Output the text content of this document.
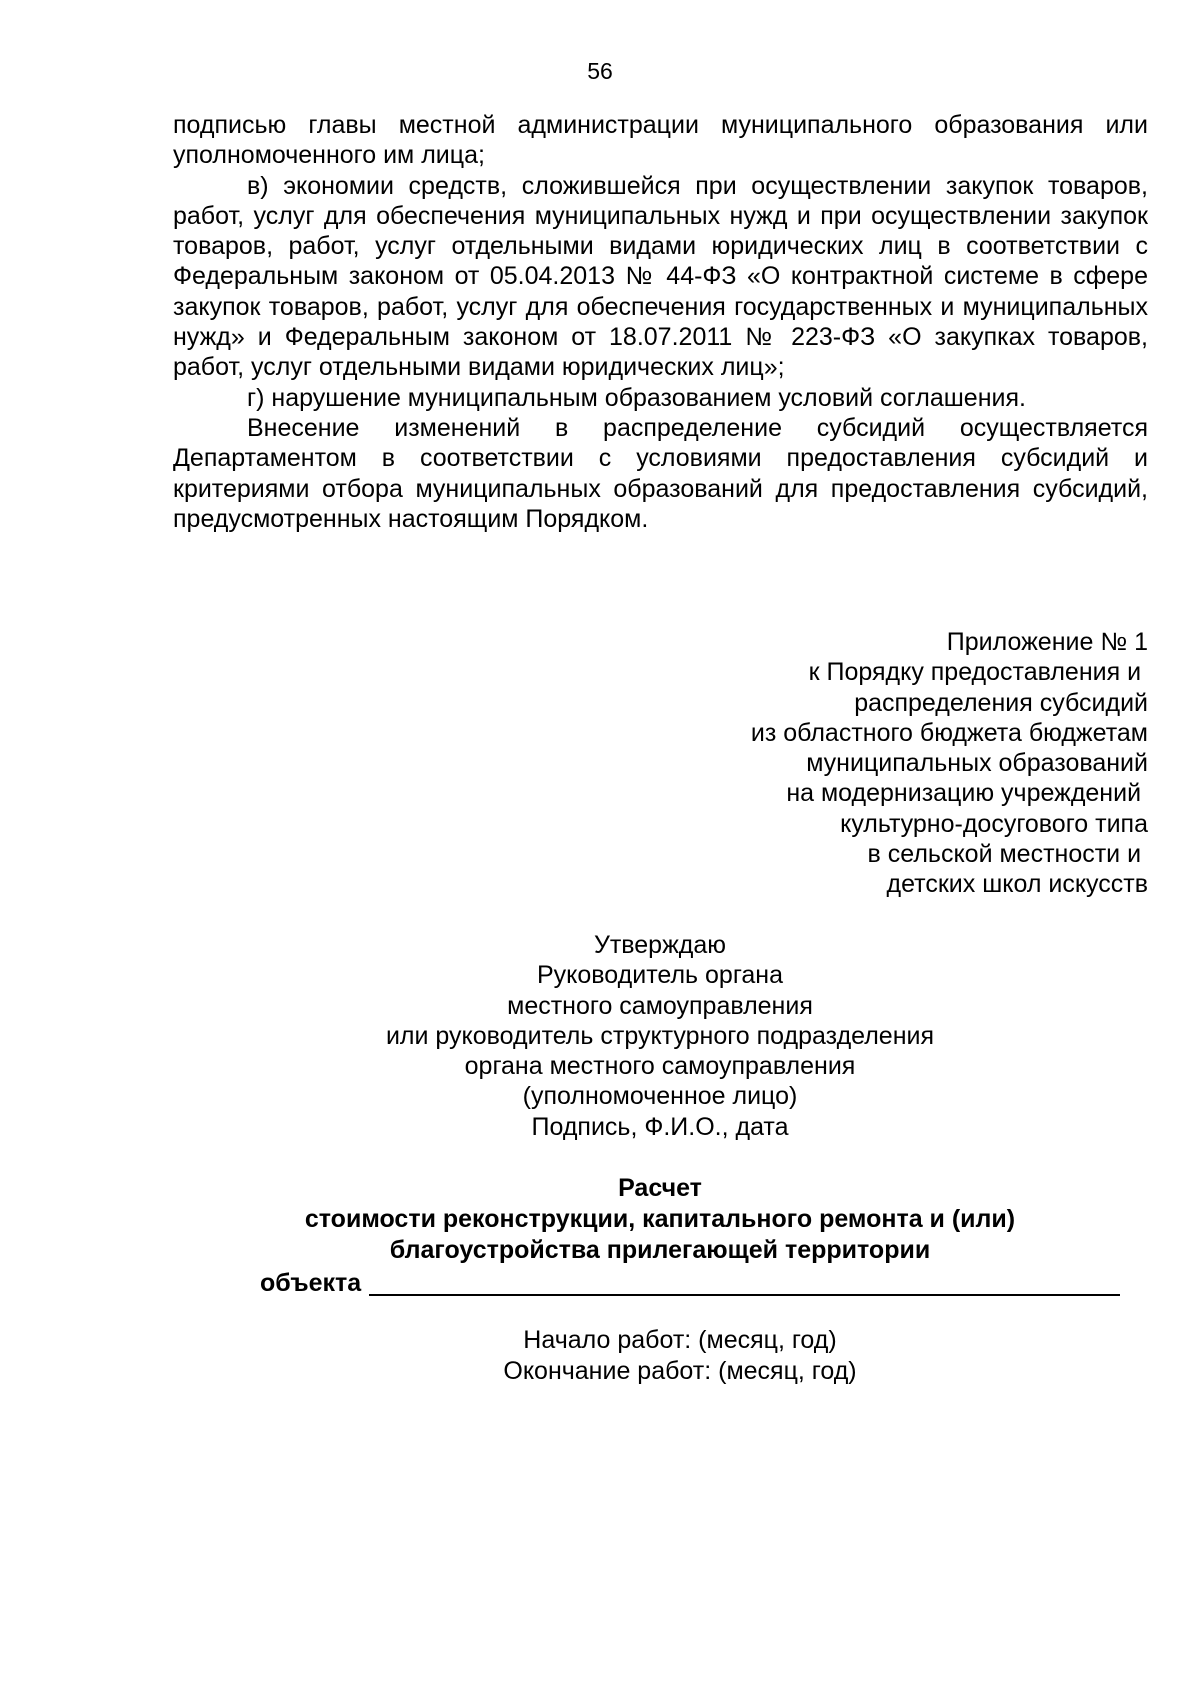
56

подписью главы местной администрации муниципального образования или уполномоченного им лица;

в) экономии средств, сложившейся при осуществлении закупок товаров, работ, услуг для обеспечения муниципальных нужд и при осуществлении закупок товаров, работ, услуг отдельными видами юридических лиц в соответствии с Федеральным законом от 05.04.2013 № 44-ФЗ «О контрактной системе в сфере закупок товаров, работ, услуг для обеспечения государственных и муниципальных нужд» и Федеральным законом от 18.07.2011 № 223-ФЗ «О закупках товаров, работ, услуг отдельными видами юридических лиц»;

г) нарушение муниципальным образованием условий соглашения.

Внесение изменений в распределение субсидий осуществляется Департаментом в соответствии с условиями предоставления субсидий и критериями отбора муниципальных образований для предоставления субсидий, предусмотренных настоящим Порядком.

Приложение № 1
к Порядку предоставления и
распределения субсидий
из областного бюджета бюджетам
муниципальных образований
на модернизацию учреждений
культурно-досугового типа
в сельской местности и
детских школ искусств
Утверждаю
Руководитель органа
местного самоуправления
или руководитель структурного подразделения
органа местного самоуправления
(уполномоченное лицо)
Подпись, Ф.И.О., дата
Расчет
стоимости реконструкции, капитального ремонта и (или)
благоустройства прилегающей территории
объекта
Начало работ: (месяц, год)
Окончание работ: (месяц, год)
